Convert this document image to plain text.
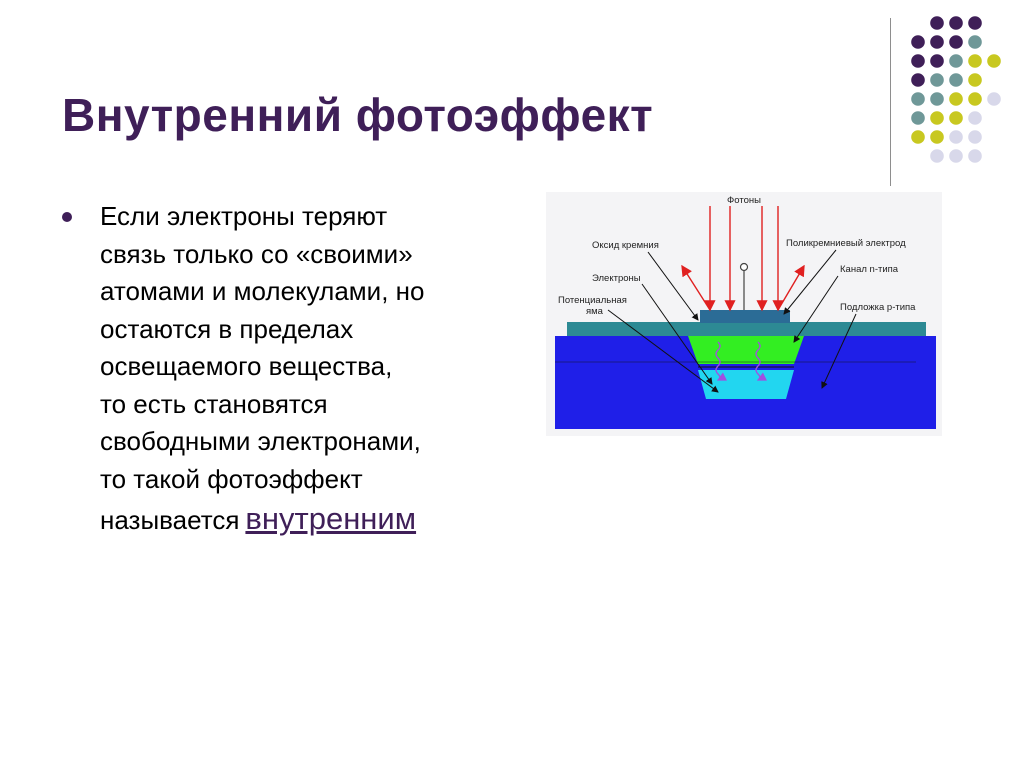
Внутренний фотоэффект
Если электроны теряют
связь только со «своими»
атомами и молекулами, но
остаются в пределах
освещаемого вещества,
то есть становятся
свободными электронами,
то такой фотоэффект
называется внутренним
Фотоны
Оксид кремния	Поликремниевый электрод
Электроны
Канал n-типа
Потенциальная
яма	Подложка p-типа
